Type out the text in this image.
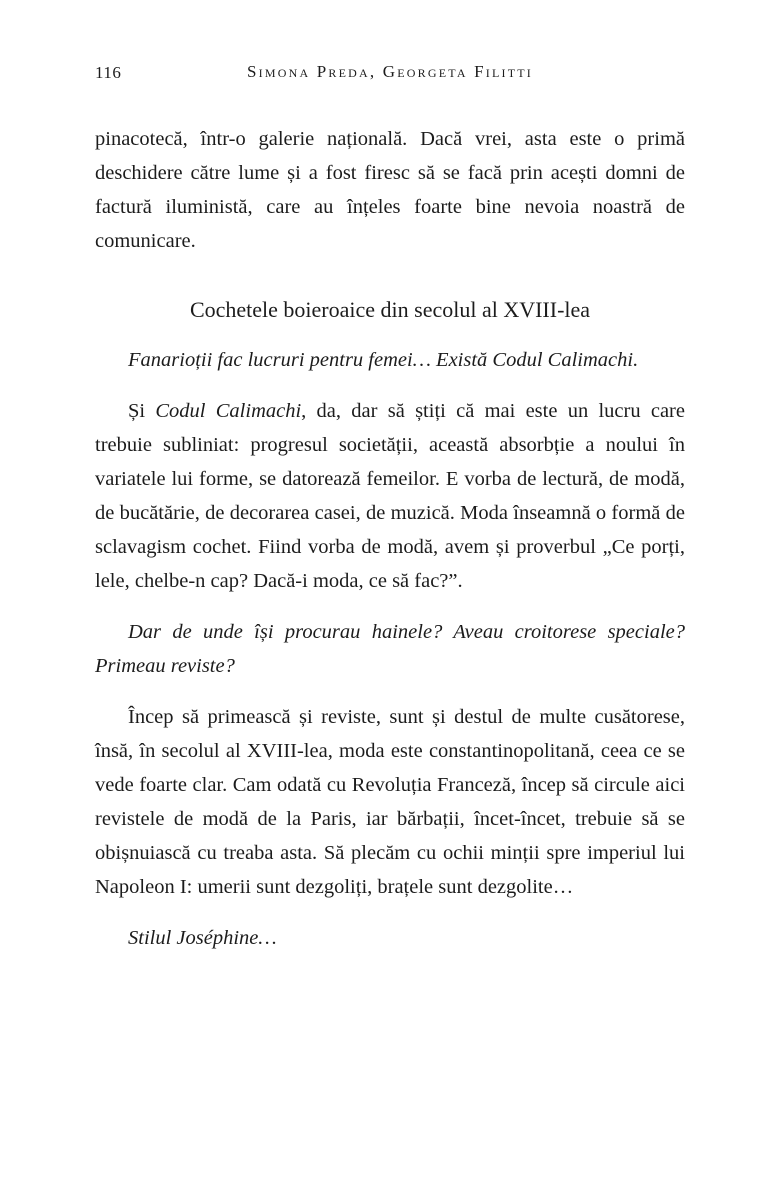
116	Simona Preda, Georgeta Filitti

pinacotecă, într-o galerie națională. Dacă vrei, asta este o primă deschidere către lume și a fost firesc să se facă prin acești domni de factură iluministă, care au înțeles foarte bine nevoia noastră de comunicare.

Cochetele boieroaice din secolul al XVIII-lea

Fanarioții fac lucruri pentru femei… Există Codul Calimachi.

Și Codul Calimachi, da, dar să știți că mai este un lucru care trebuie subliniat: progresul societății, această absorbție a noului în variatele lui forme, se datorează femeilor. E vorba de lectură, de modă, de bucătărie, de decorarea casei, de muzică. Moda înseamnă o formă de sclavagism cochet. Fiind vorba de modă, avem și proverbul „Ce porți, lele, chelbe-n cap? Dacă-i moda, ce să fac?”.

Dar de unde își procurau hainele? Aveau croitorese speciale? Primeau reviste?

Încep să primească și reviste, sunt și destul de multe cusătorese, însă, în secolul al XVIII-lea, moda este constantinopolitană, ceea ce se vede foarte clar. Cam odată cu Revoluția Franceză, încep să circule aici revistele de modă de la Paris, iar bărbații, încet-încet, trebuie să se obișnuiască cu treaba asta. Să plecăm cu ochii minții spre imperiul lui Napoleon I: umerii sunt dezgoliți, brațele sunt dezgolite…

Stilul Joséphine…
